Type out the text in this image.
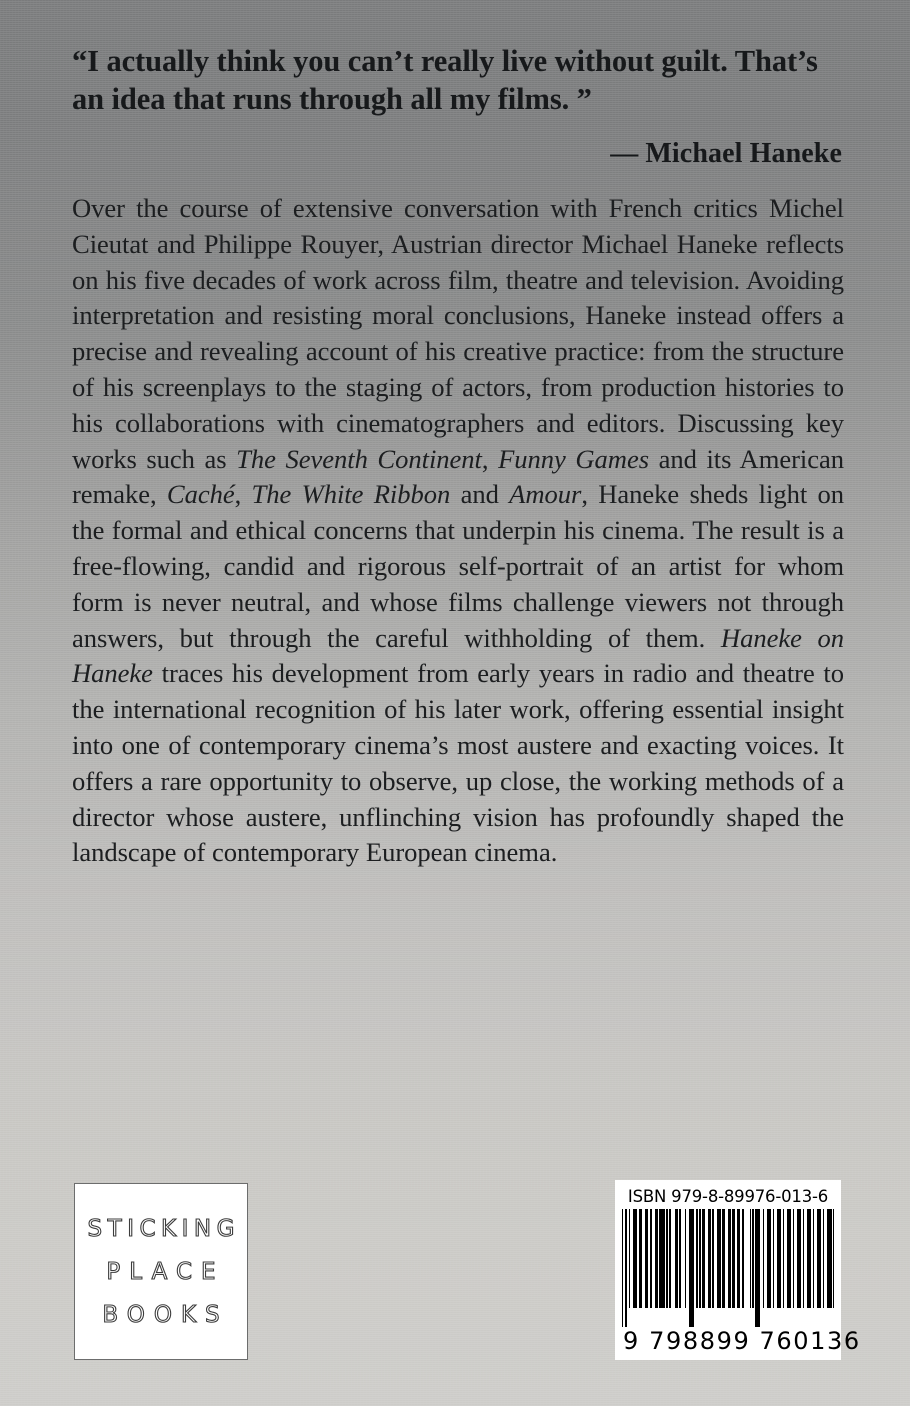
“I actually think you can’t really live without guilt. That’s an idea that runs through all my films. ”

— Michael Haneke

Over the course of extensive conversation with French critics Michel Cieutat and Philippe Rouyer, Austrian director Michael Haneke reflects on his five decades of work across film, theatre and television. Avoiding interpretation and resisting moral conclusions, Haneke instead offers a precise and revealing account of his creative practice: from the structure of his screenplays to the staging of actors, from production histories to his collaborations with cinematographers and editors. Discussing key works such as The Seventh Continent, Funny Games and its American remake, Caché, The White Ribbon and Amour, Haneke sheds light on the formal and ethical concerns that underpin his cinema. The result is a free-flowing, candid and rigorous self-portrait of an artist for whom form is never neutral, and whose films challenge viewers not through answers, but through the careful withholding of them. Haneke on Haneke traces his development from early years in radio and theatre to the international recognition of his later work, offering essential insight into one of contemporary cinema’s most austere and exacting voices. It offers a rare opportunity to observe, up close, the working methods of a director whose austere, unflinching vision has profoundly shaped the landscape of contemporary European cinema.

STICKING
PLACE
BOOKS
ISBN 979-8-89976-013-6
9 798899 760136
